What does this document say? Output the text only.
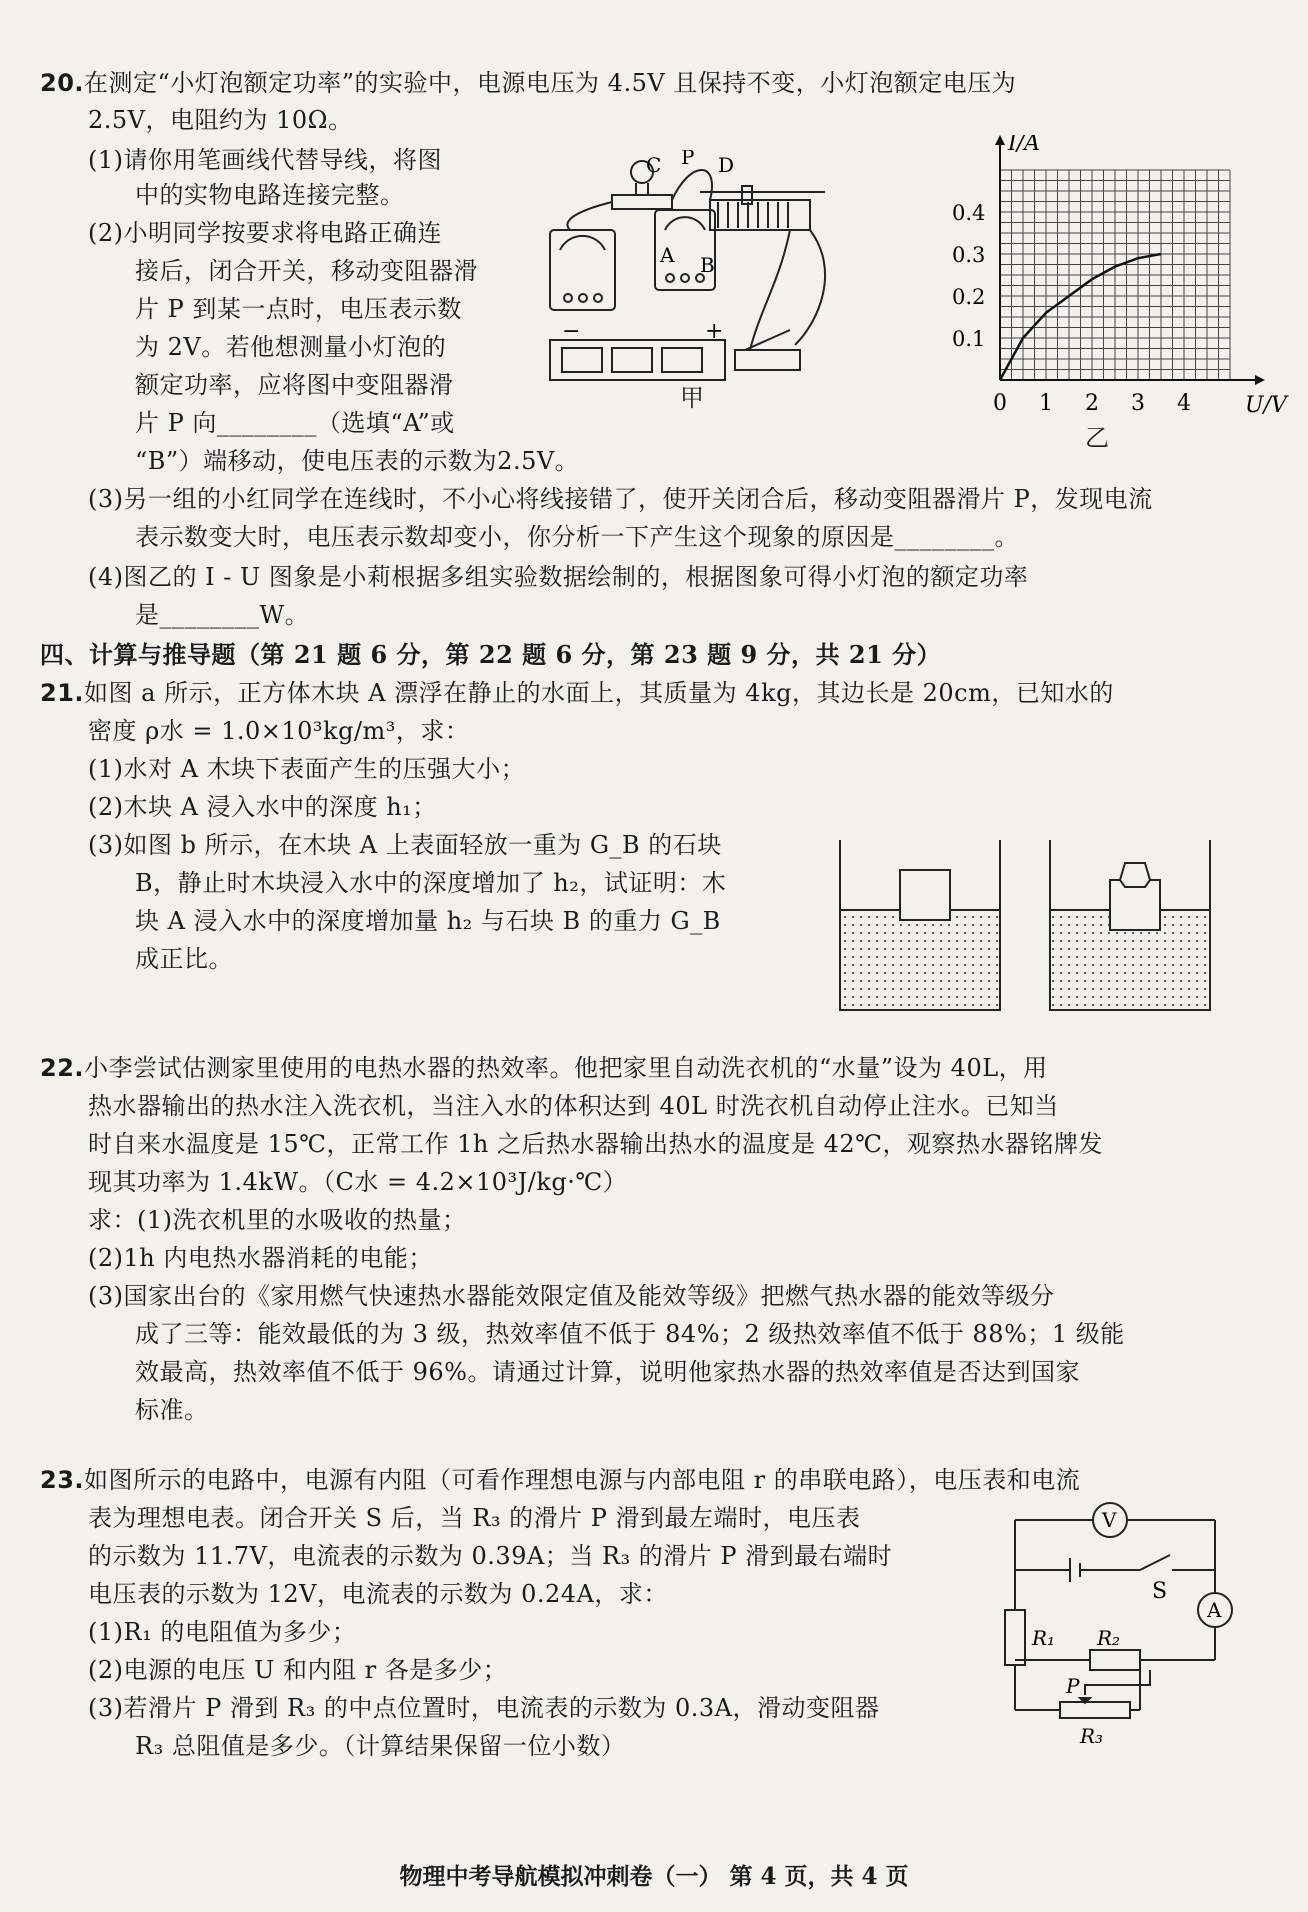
20.在测定“小灯泡额定功率”的实验中，电源电压为 4.5V 且保持不变，小灯泡额定电压为
2.5V，电阻约为 10Ω。
(1)请你用笔画线代替导线，将图
中的实物电路连接完整。
(2)小明同学按要求将电路正确连
接后，闭合开关，移动变阻器滑
片 P 到某一点时，电压表示数
为 2V。若他想测量小灯泡的
额定功率，应将图中变阻器滑
片 P 向________（选填“A”或
“B”）端移动，使电压表的示数为2.5V。
(3)另一组的小红同学在连线时，不小心将线接错了，使开关闭合后，移动变阻器滑片 P，发现电流
表示数变大时，电压表示数却变小，你分析一下产生这个现象的原因是________。
(4)图乙的 I - U 图象是小莉根据多组实验数据绘制的，根据图象可得小灯泡的额定功率
是________W。
C P D
A B
−	+
甲	0 1 2 3 4
0.1
0.2
0.3
0.4
I/A
U/V
乙
四、计算与推导题（第 21 题 6 分，第 22 题 6 分，第 23 题 9 分，共 21 分）
21.如图 a 所示，正方体木块 A 漂浮在静止的水面上，其质量为 4kg，其边长是 20cm，已知水的
密度 ρ水 = 1.0×10³kg/m³，求：
(1)水对 A 木块下表面产生的压强大小；
(2)木块 A 浸入水中的深度 h₁；
(3)如图 b 所示，在木块 A 上表面轻放一重为 G_B 的石块
B，静止时木块浸入水中的深度增加了 h₂，试证明：木
块 A 浸入水中的深度增加量 h₂ 与石块 B 的重力 G_B
成正比。
22.小李尝试估测家里使用的电热水器的热效率。他把家里自动洗衣机的“水量”设为 40L，用
热水器输出的热水注入洗衣机，当注入水的体积达到 40L 时洗衣机自动停止注水。已知当
时自来水温度是 15℃，正常工作 1h 之后热水器输出热水的温度是 42℃，观察热水器铭牌发
现其功率为 1.4kW。（C水 = 4.2×10³J/kg·℃）
求：(1)洗衣机里的水吸收的热量；
(2)1h 内电热水器消耗的电能；
(3)国家出台的《家用燃气快速热水器能效限定值及能效等级》把燃气热水器的能效等级分
成了三等：能效最低的为 3 级，热效率值不低于 84%；2 级热效率值不低于 88%；1 级能
效最高，热效率值不低于 96%。请通过计算，说明他家热水器的热效率值是否达到国家
标准。
23.如图所示的电路中，电源有内阻（可看作理想电源与内部电阻 r 的串联电路），电压表和电流
表为理想电表。闭合开关 S 后，当 R₃ 的滑片 P 滑到最左端时，电压表
的示数为 11.7V，电流表的示数为 0.39A；当 R₃ 的滑片 P 滑到最右端时
电压表的示数为 12V，电流表的示数为 0.24A，求：
(1)R₁ 的电阻值为多少；
(2)电源的电压 U 和内阻 r 各是多少；
(3)若滑片 P 滑到 R₃ 的中点位置时，电流表的示数为 0.3A，滑动变阻器
R₃ 总阻值是多少。（计算结果保留一位小数）
V
A
S
R₁ R₂
R₃
P
物理中考导航模拟冲刺卷（一） 第 4 页，共 4 页
